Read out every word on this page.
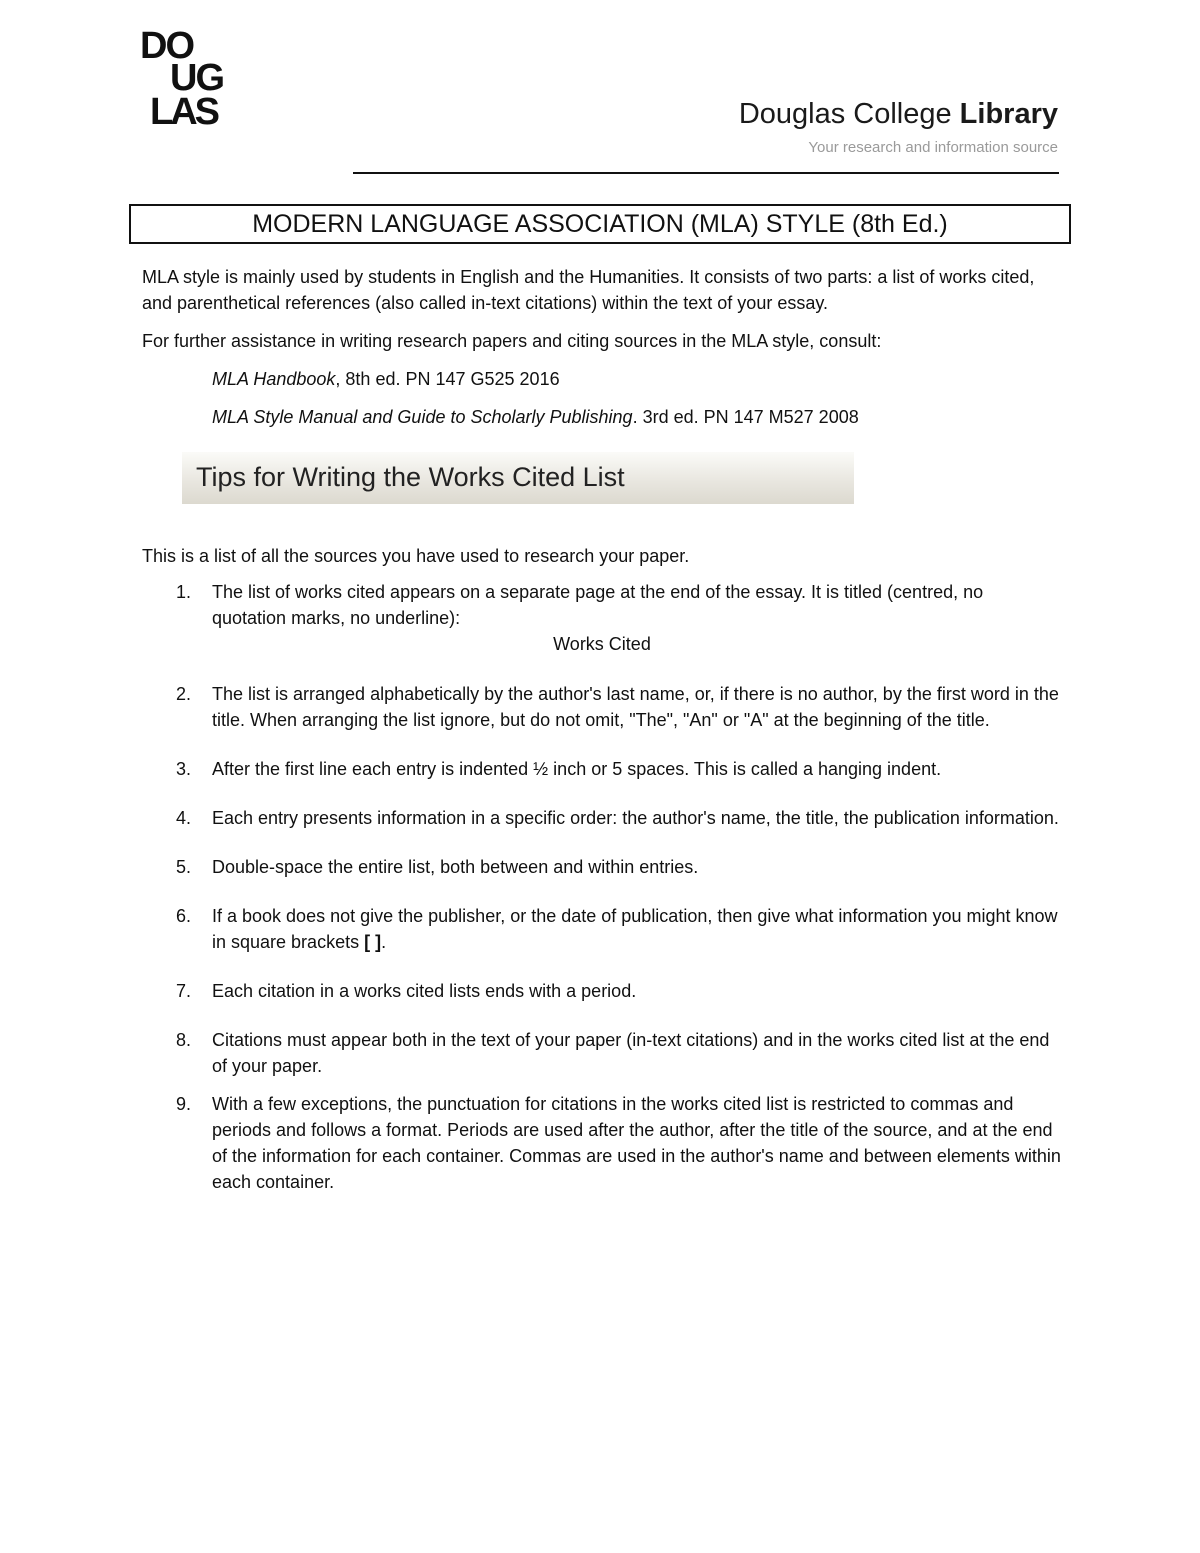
DO
UG
LAS	Douglas College Library
Your research and information source
MODERN LANGUAGE ASSOCIATION (MLA) STYLE (8th Ed.)
MLA style is mainly used by students in English and the Humanities. It consists of two parts: a list of works cited, and parenthetical references (also called in-text citations) within the text of your essay.
For further assistance in writing research papers and citing sources in the MLA style, consult:
MLA Handbook, 8th ed. PN 147 G525 2016
MLA Style Manual and Guide to Scholarly Publishing. 3rd ed. PN 147 M527 2008
Tips for Writing the Works Cited List
This is a list of all the sources you have used to research your paper.
1. The list of works cited appears on a separate page at the end of the essay. It is titled (centred, no quotation marks, no underline):
Works Cited
2. The list is arranged alphabetically by the author's last name, or, if there is no author, by the first word in the title. When arranging the list ignore, but do not omit, "The", "An" or "A" at the beginning of the title.
3. After the first line each entry is indented ½ inch or 5 spaces. This is called a hanging indent.
4. Each entry presents information in a specific order: the author's name, the title, the publication information.
5. Double-space the entire list, both between and within entries.
6. If a book does not give the publisher, or the date of publication, then give what information you might know in square brackets [ ].
7. Each citation in a works cited lists ends with a period.
8. Citations must appear both in the text of your paper (in-text citations) and in the works cited list at the end of your paper.
9. With a few exceptions, the punctuation for citations in the works cited list is restricted to commas and periods and follows a format. Periods are used after the author, after the title of the source, and at the end of the information for each container. Commas are used in the author's name and between elements within each container.
